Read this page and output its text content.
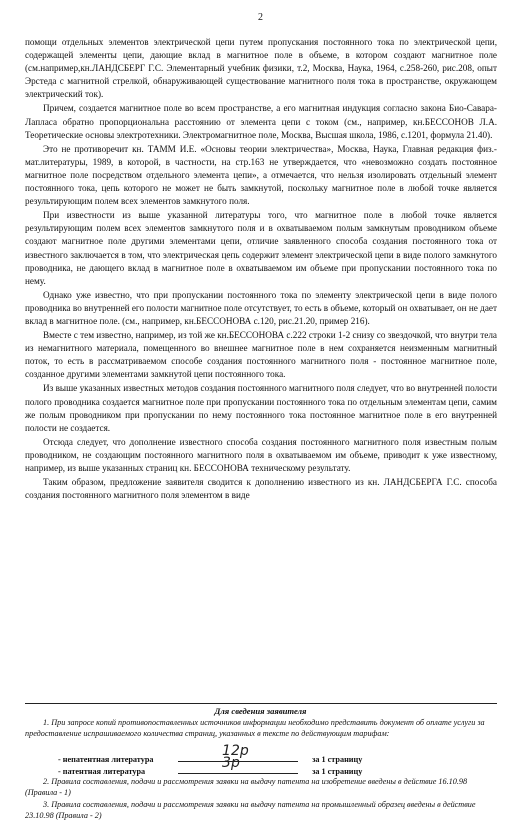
2

помощи отдельных элементов электрической цепи путем пропускания постоянного тока по электрической цепи, содержащей элементы цепи, дающие вклад в магнитное поле в объеме, в котором создают магнитное поле (см.например,кн.ЛАНДСБЕРГ Г.С. Элементарный учебник физики, т.2, Москва, Наука, 1964, с.258-260, рис.208, опыт Эрстеда с магнитной стрелкой, обнаруживающей существование магнитного поля тока в пространстве, окружающем электрический ток).

Причем, создается магнитное поле во всем пространстве, а его магнитная индукция согласно закона Био-Савара-Лапласа обратно пропорциональна расстоянию от элемента цепи с током (см., например, кн.БЕССОНОВ Л.А. Теоретические основы электротехники. Электромагнитное поле, Москва, Высшая школа, 1986, с.1201, формула 21.40).

Это не противоречит кн. ТАММ И.Е. «Основы теории электричества», Москва, Наука, Главная редакция физ.-мат.литературы, 1989, в которой, в частности, на стр.163 не утверждается, что «невозможно создать постоянное магнитное поле посредством отдельного элемента цепи», а отмечается, что нельзя изолировать отдельный элемент постоянного тока, цепь которого не может не быть замкнутой, поскольку магнитное поле в любой точке является результирующим полем всех элементов замкнутого поля.

При известности из выше указанной литературы того, что магнитное поле в любой точке является результирующим полем всех элементов замкнутого поля и в охватываемом полым замкнутым проводником объеме создают магнитное поле другими элементами цепи, отличие заявленного способа создания постоянного тока от известного заключается в том, что электрическая цепь содержит элемент электрической цепи в виде полого замкнутого проводника, не дающего вклад в магнитное поле в охватываемом им объеме при пропускании постоянного тока по нему.

Однако уже известно, что при пропускании постоянного тока по элементу электрической цепи в виде полого проводника во внутренней его полости магнитное поле отсутствует, то есть в объеме, который он охватывает, он не дает вклад в магнитное поле. (см., например, кн.БЕССОНОВА с.120, рис.21.20, пример 216).

Вместе с тем известно, например, из той же кн.БЕССОНОВА с.222 строки 1-2 снизу со звездочкой, что внутри тела из немагнитного материала, помещенного во внешнее магнитное поле в нем сохраняется неизменным магнитный поток, то есть в рассматриваемом способе создания постоянного магнитного поля - постоянное магнитное поле, созданное другими элементами замкнутой цепи постоянного тока.

Из выше указанных известных методов создания постоянного магнитного поля следует, что во внутренней полости полого проводника создается магнитное поле при пропускании постоянного тока по отдельным элементам цепи, самим же полым проводником при пропускании по нему постоянного тока постоянное магнитное поле в его внутренней полости не создается.

Отсюда следует, что дополнение известного способа создания постоянного магнитного поля известным полым проводником, не создающим постоянного магнитного поля в охватываемом им объеме, приводит к уже известному, например, из выше указанных страниц кн. БЕССОНОВА техническому результату.

Таким образом, предложение заявителя сводится к дополнению известного из кн. ЛАНДСБЕРГА Г.С. способа создания постоянного магнитного поля элементом в виде

Для сведения заявителя

1. При запросе копий противопоставленных источников информации необходимо представить документ об оплате услуги за предоставление испрашиваемого количества страниц, указанных в тексте по действующим тарифам:

- непатентная литература
12р
за 1 страницу
- патентная литература
3р
за 1 страницу

2. Правила составления, подачи и рассмотрения заявки на выдачу патента на изобретение введены в действие 16.10.98 (Правила - 1)

3. Правила составления, подачи и рассмотрения заявки на выдачу патента на промышленный образец введены в действие 23.10.98 (Правила - 2)
